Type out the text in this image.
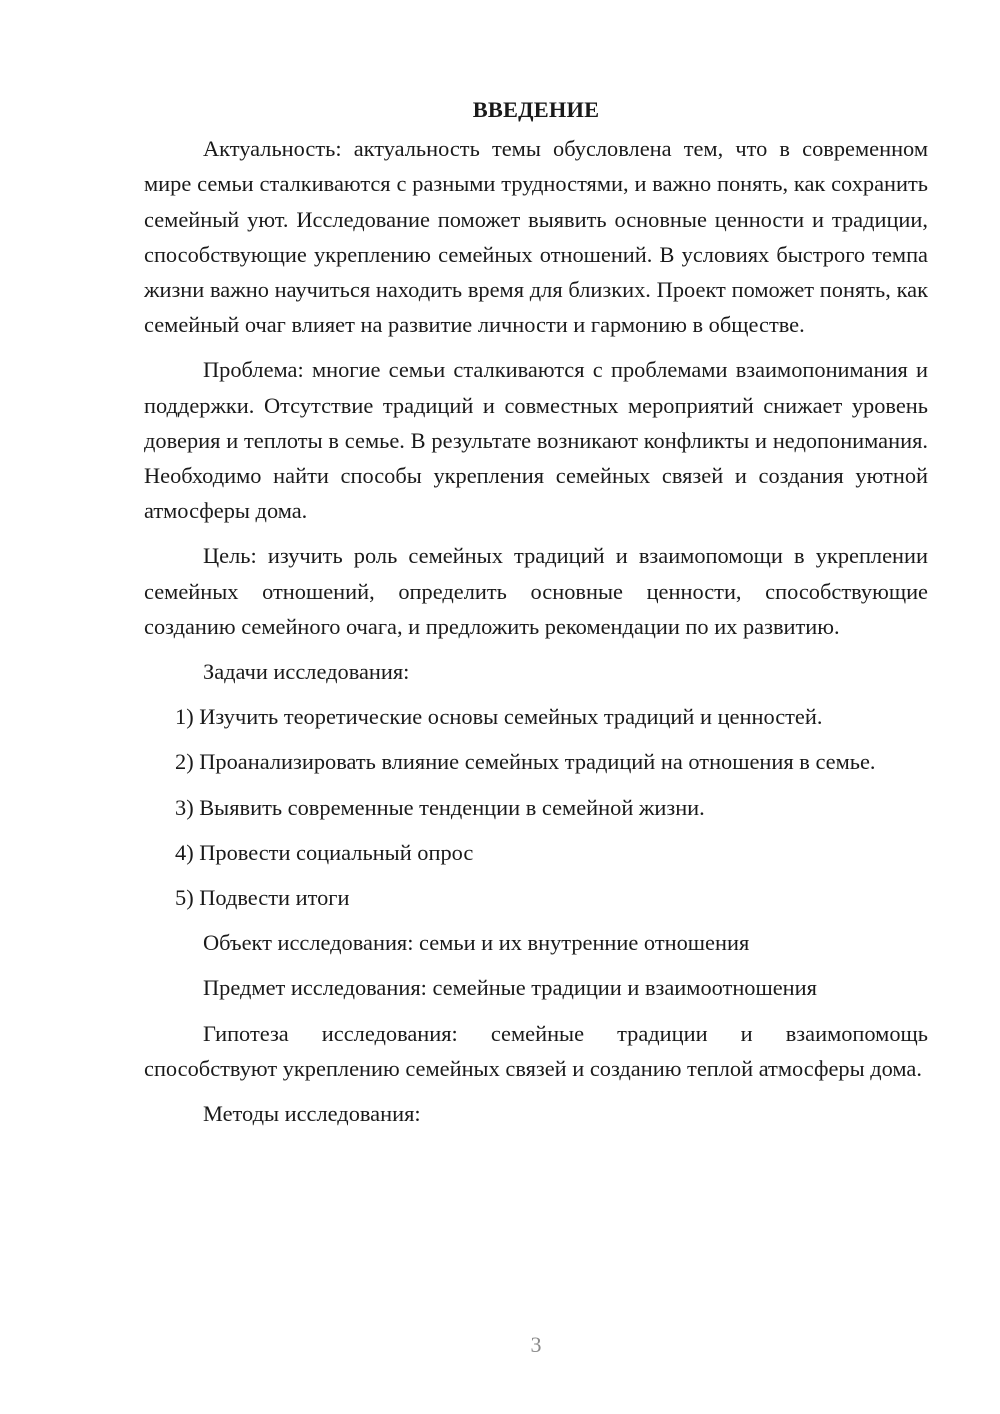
ВВЕДЕНИЕ

Актуальность: актуальность темы обусловлена тем, что в современном мире семьи сталкиваются с разными трудностями, и важно понять, как сохранить семейный уют. Исследование поможет выявить основные ценности и традиции, способствующие укреплению семейных отношений. В условиях быстрого темпа жизни важно научиться находить время для близких. Проект поможет понять, как семейный очаг влияет на развитие личности и гармонию в обществе.

Проблема: многие семьи сталкиваются с проблемами взаимопонимания и поддержки. Отсутствие традиций и совместных мероприятий снижает уровень доверия и теплоты в семье. В результате возникают конфликты и недопонимания. Необходимо найти способы укрепления семейных связей и создания уютной атмосферы дома.

Цель: изучить роль семейных традиций и взаимопомощи в укреплении семейных отношений, определить основные ценности, способствующие созданию семейного очага, и предложить рекомендации по их развитию.

Задачи исследования:

1) Изучить теоретические основы семейных традиций и ценностей.

2) Проанализировать влияние семейных традиций на отношения в семье.

3) Выявить современные тенденции в семейной жизни.

4) Провести социальный опрос

5) Подвести итоги

Объект исследования: семьи и их внутренние отношения

Предмет исследования: семейные традиции и взаимоотношения

Гипотеза исследования: семейные традиции и взаимопомощь способствуют укреплению семейных связей и созданию теплой атмосферы дома.

Методы исследования:

3
